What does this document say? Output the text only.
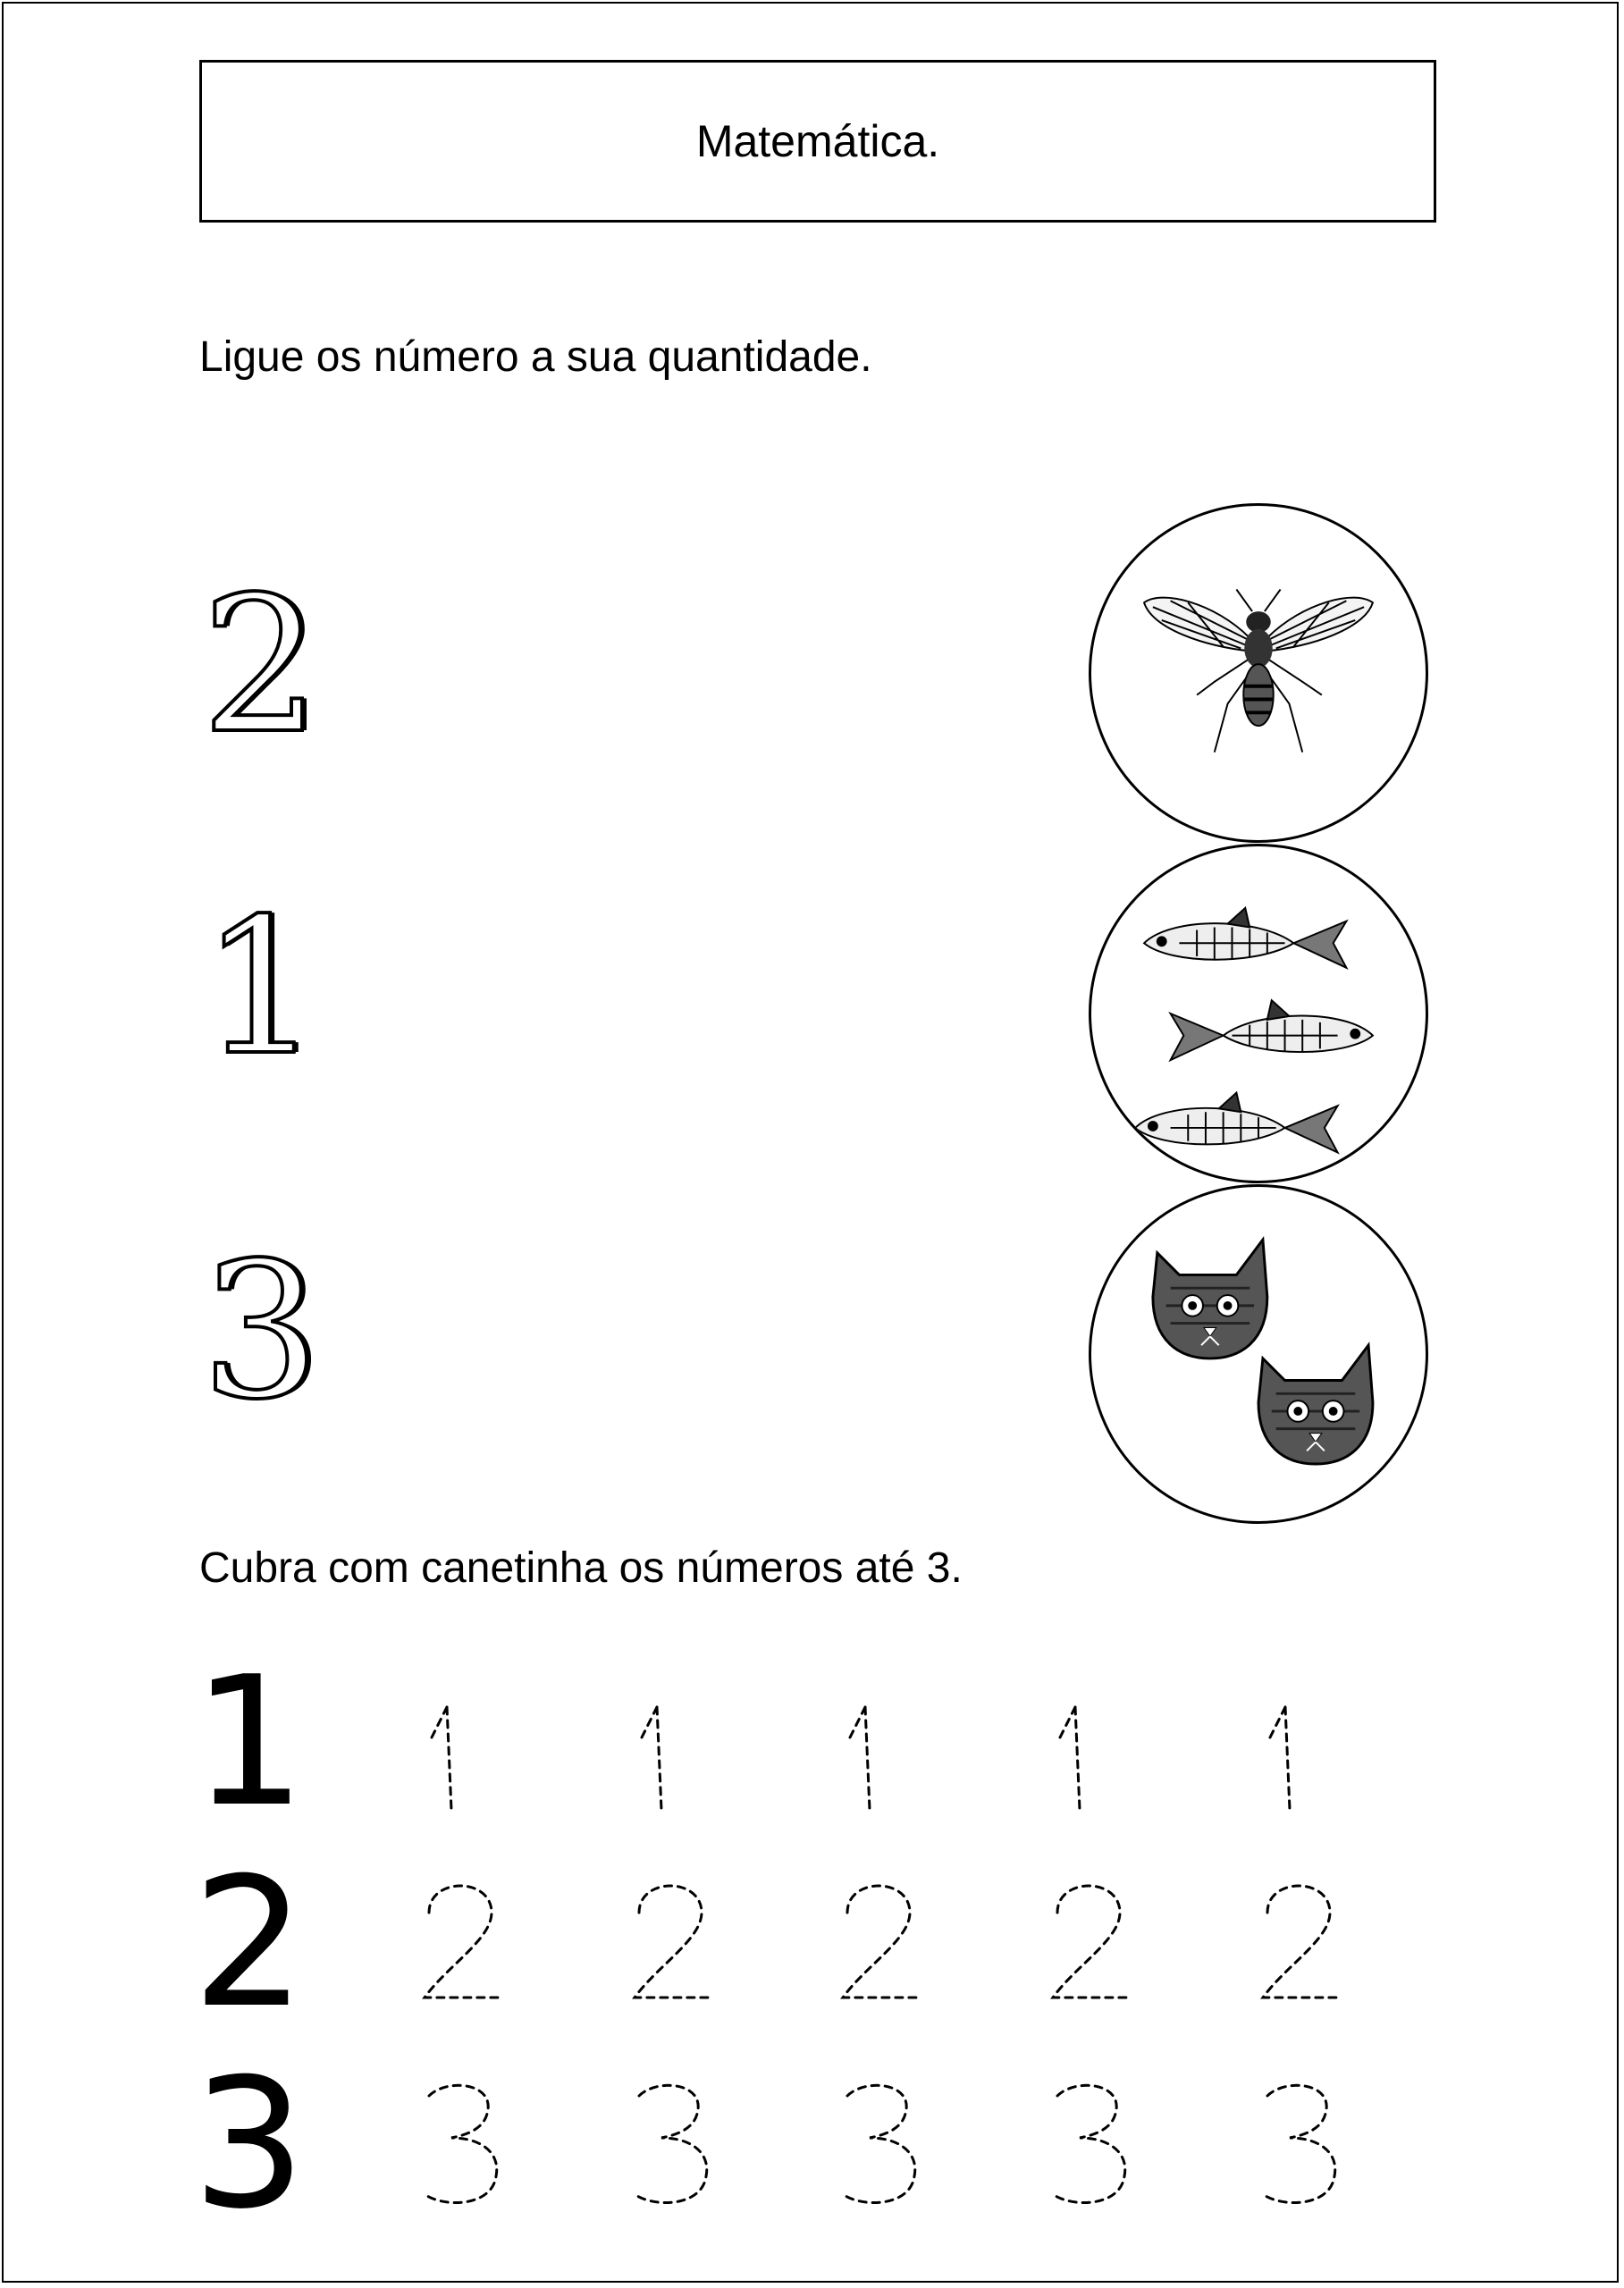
Matemática.
Ligue os número a sua quantidade.
2
1
3
Cubra com canetinha os números até 3.
1
2
3
